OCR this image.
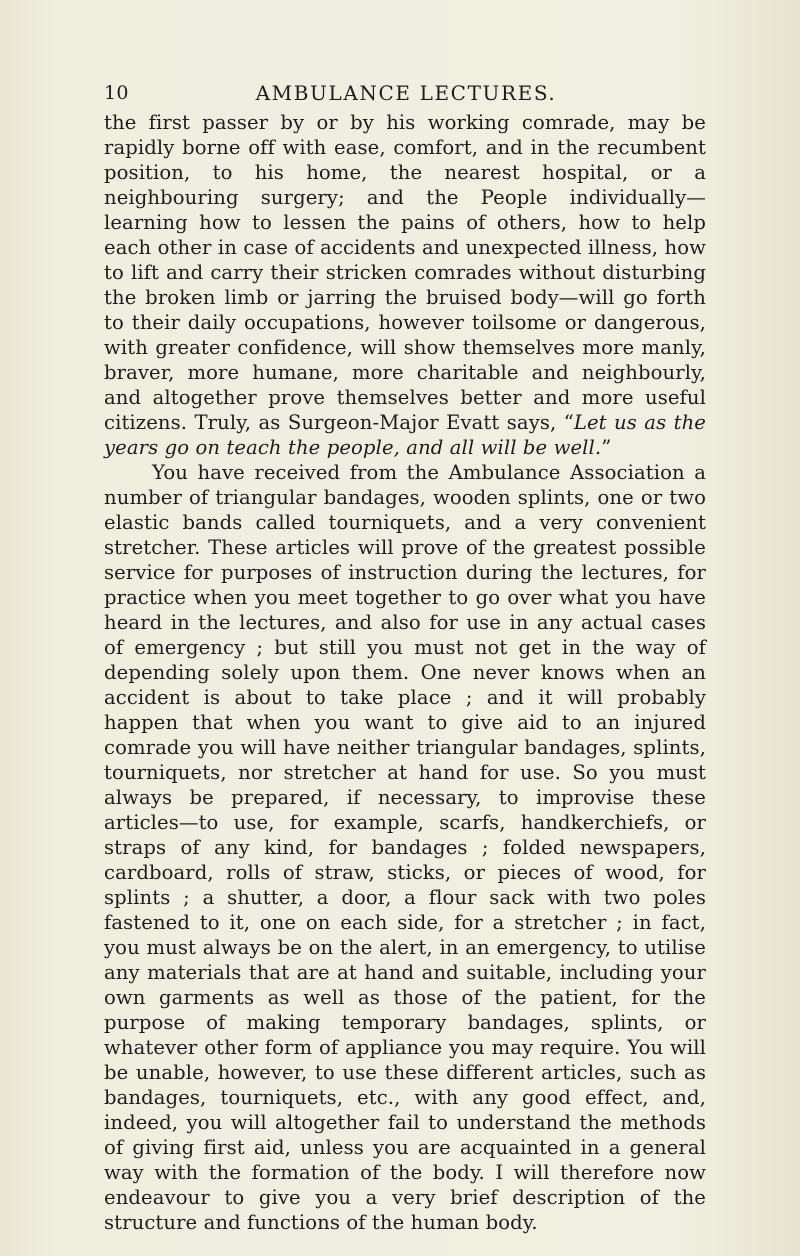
10	AMBULANCE LECTURES.

the first passer by or by his working comrade, may be rapidly borne off with ease, comfort, and in the recumbent position, to his home, the nearest hospital, or a neighbouring surgery; and the People individually—learning how to lessen the pains of others, how to help each other in case of accidents and unexpected illness, how to lift and carry their stricken comrades without disturbing the broken limb or jarring the bruised body—will go forth to their daily occupations, however toilsome or dangerous, with greater confidence, will show themselves more manly, braver, more humane, more charitable and neighbourly, and altogether prove themselves better and more useful citizens. Truly, as Surgeon-Major Evatt says, “Let us as the years go on teach the people, and all will be well.”

You have received from the Ambulance Association a number of triangular bandages, wooden splints, one or two elastic bands called tourniquets, and a very convenient stretcher. These articles will prove of the greatest possible service for purposes of instruction during the lectures, for practice when you meet together to go over what you have heard in the lectures, and also for use in any actual cases of emergency ; but still you must not get in the way of depending solely upon them. One never knows when an accident is about to take place ; and it will probably happen that when you want to give aid to an injured comrade you will have neither triangular bandages, splints, tourniquets, nor stretcher at hand for use. So you must always be prepared, if necessary, to improvise these articles—to use, for example, scarfs, handkerchiefs, or straps of any kind, for bandages ; folded newspapers, cardboard, rolls of straw, sticks, or pieces of wood, for splints ; a shutter, a door, a flour sack with two poles fastened to it, one on each side, for a stretcher ; in fact, you must always be on the alert, in an emergency, to utilise any materials that are at hand and suitable, including your own garments as well as those of the patient, for the purpose of making temporary bandages, splints, or whatever other form of appliance you may require. You will be unable, however, to use these different articles, such as bandages, tourniquets, etc., with any good effect, and, indeed, you will altogether fail to understand the methods of giving first aid, unless you are acquainted in a general way with the formation of the body. I will therefore now endeavour to give you a very brief description of the structure and functions of the human body.
